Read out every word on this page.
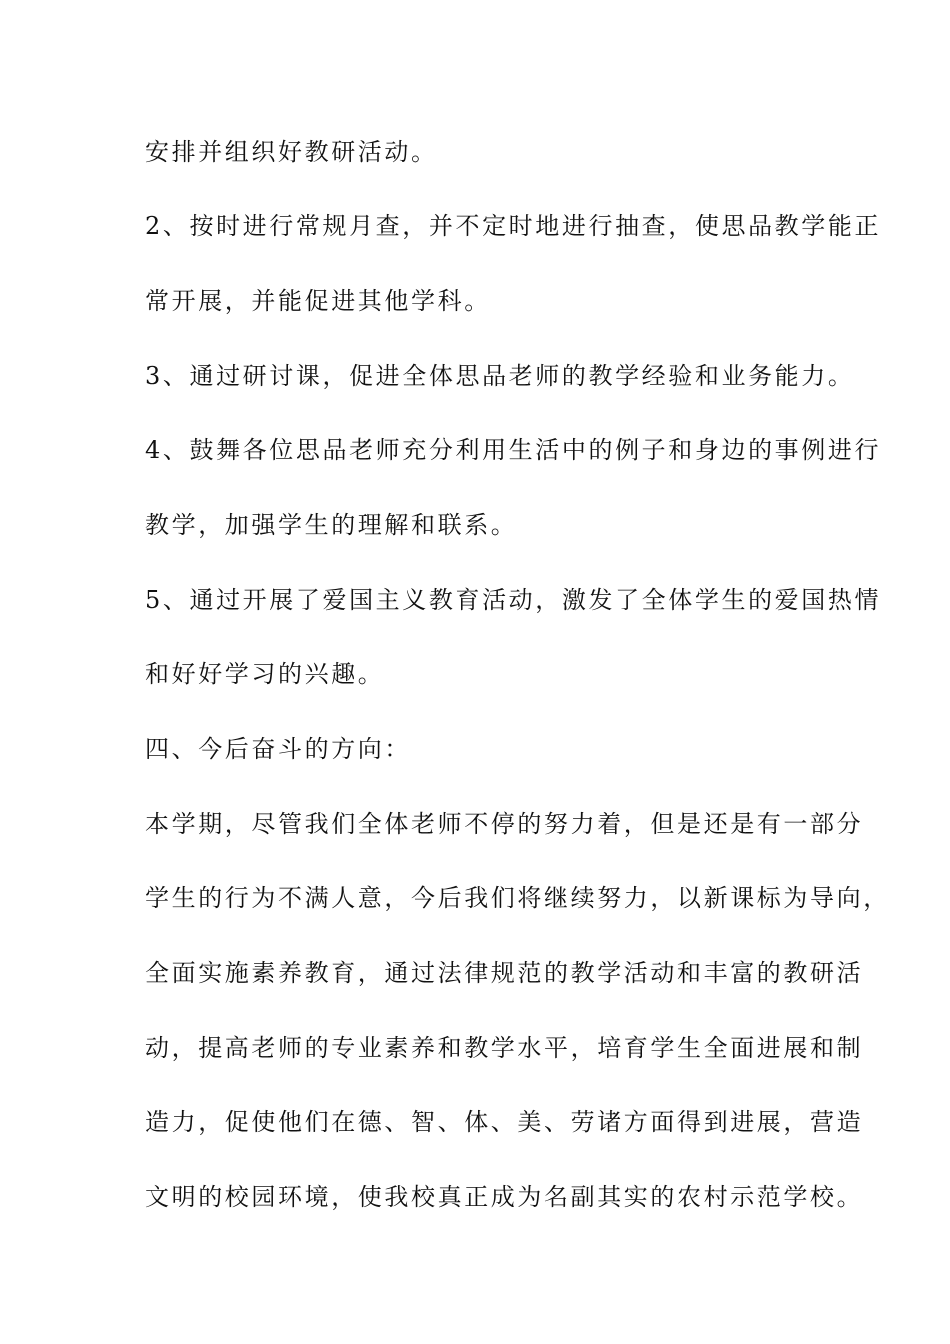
安排并组织好教研活动。
2、按时进行常规月查，并不定时地进行抽查，使思品教学能正
常开展，并能促进其他学科。
3、通过研讨课，促进全体思品老师的教学经验和业务能力。
4、鼓舞各位思品老师充分利用生活中的例子和身边的事例进行
教学，加强学生的理解和联系。
5、通过开展了爱国主义教育活动，激发了全体学生的爱国热情
和好好学习的兴趣。
四、今后奋斗的方向：
本学期，尽管我们全体老师不停的努力着，但是还是有一部分
学生的行为不满人意，今后我们将继续努力，以新课标为导向，
全面实施素养教育，通过法律规范的教学活动和丰富的教研活
动，提高老师的专业素养和教学水平，培育学生全面进展和制
造力，促使他们在德、智、体、美、劳诸方面得到进展，营造
文明的校园环境，使我校真正成为名副其实的农村示范学校。
